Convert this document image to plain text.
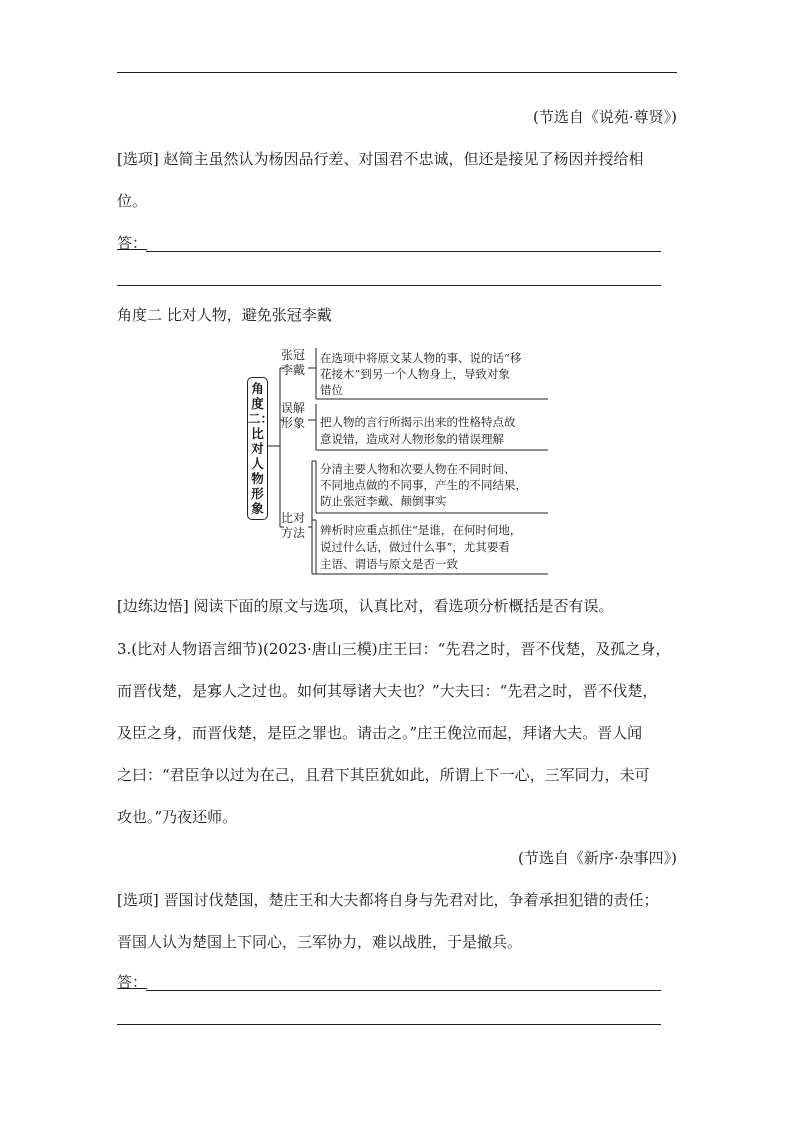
(节选自《说苑·尊贤》)
[选项] 赵简主虽然认为杨因品行差、对国君不忠诚，但还是接见了杨因并授给相
位。
答：
角度二 比对人物，避免张冠李戴
角度二：比对人物形象
张冠李戴
误解形象
比对方法
在选项中将原文某人物的事、说的话“移
花接木”到另一个人物身上，导致对象
错位
把人物的言行所揭示出来的性格特点故
意说错，造成对人物形象的错误理解
分清主要人物和次要人物在不同时间、
不同地点做的不同事，产生的不同结果，
防止张冠李戴、颠倒事实
辨析时应重点抓住“是谁，在何时何地，
说过什么话，做过什么事”，尤其要看
主语、谓语与原文是否一致
[边练边悟] 阅读下面的原文与选项，认真比对，看选项分析概括是否有误。
3.(比对人物语言细节)(2023·唐山三模)庄王曰：“先君之时，晋不伐楚，及孤之身，
而晋伐楚，是寡人之过也。如何其辱诸大夫也？”大夫曰：“先君之时，晋不伐楚，
及臣之身，而晋伐楚，是臣之罪也。请击之。”庄王俛泣而起，拜诸大夫。晋人闻
之曰：“君臣争以过为在己，且君下其臣犹如此，所谓上下一心，三军同力，未可
攻也。”乃夜还师。
(节选自《新序·杂事四》)
[选项] 晋国讨伐楚国，楚庄王和大夫都将自身与先君对比，争着承担犯错的责任；
晋国人认为楚国上下同心，三军协力，难以战胜，于是撤兵。
答：
